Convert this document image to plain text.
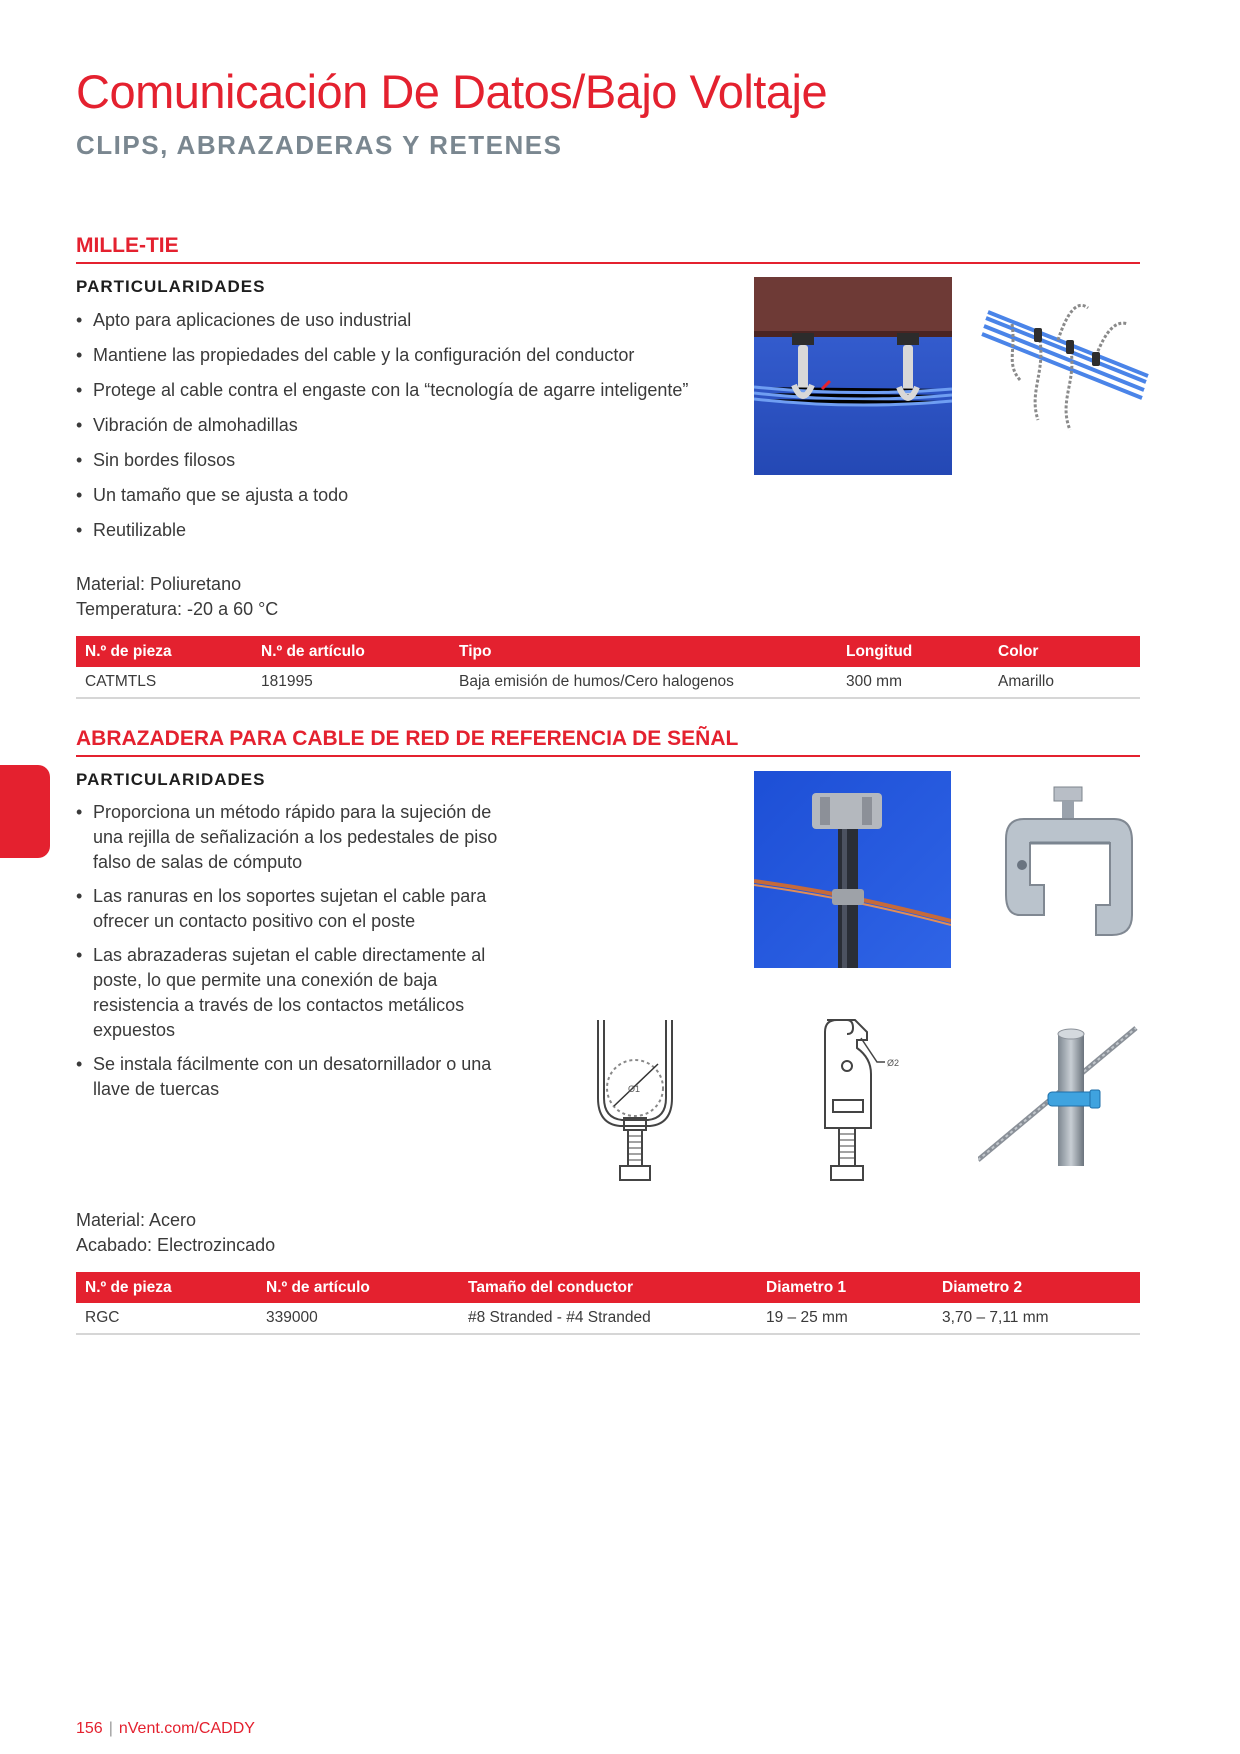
Comunicación De Datos/Bajo Voltaje
CLIPS, ABRAZADERAS Y RETENES
MILLE-TIE
PARTICULARIDADES
• Apto para aplicaciones de uso industrial
• Mantiene las propiedades del cable y la configuración del conductor
• Protege al cable contra el engaste con la “tecnología de agarre inteligente”
• Vibración de almohadillas
• Sin bordes filosos
• Un tamaño que se ajusta a todo
• Reutilizable
Material: Poliuretano
Temperatura: -20 a 60 °C
N.º de pieza	N.º de artículo	Tipo	Longitud	Color
CATMTLS	181995	Baja emisión de humos/Cero halogenos	300 mm	Amarillo
ABRAZADERA PARA CABLE DE RED DE REFERENCIA DE SEÑAL
PARTICULARIDADES
• Proporciona un método rápido para la sujeción de una rejilla de señalización a los pedestales de piso falso de salas de cómputo
• Las ranuras en los soportes sujetan el cable para ofrecer un contacto positivo con el poste
• Las abrazaderas sujetan el cable directamente al poste, lo que permite una conexión de baja resistencia a través de los contactos metálicos expuestos
• Se instala fácilmente con un desatornillador o una llave de tuercas	Ø1
Ø2
Material: Acero
Acabado: Electrozincado
N.º de pieza	N.º de artículo	Tamaño del conductor	Diametro 1	Diametro 2
RGC	339000	#8 Stranded - #4 Stranded	19 – 25 mm	3,70 – 7,11 mm
156 | nVent.com/CADDY
